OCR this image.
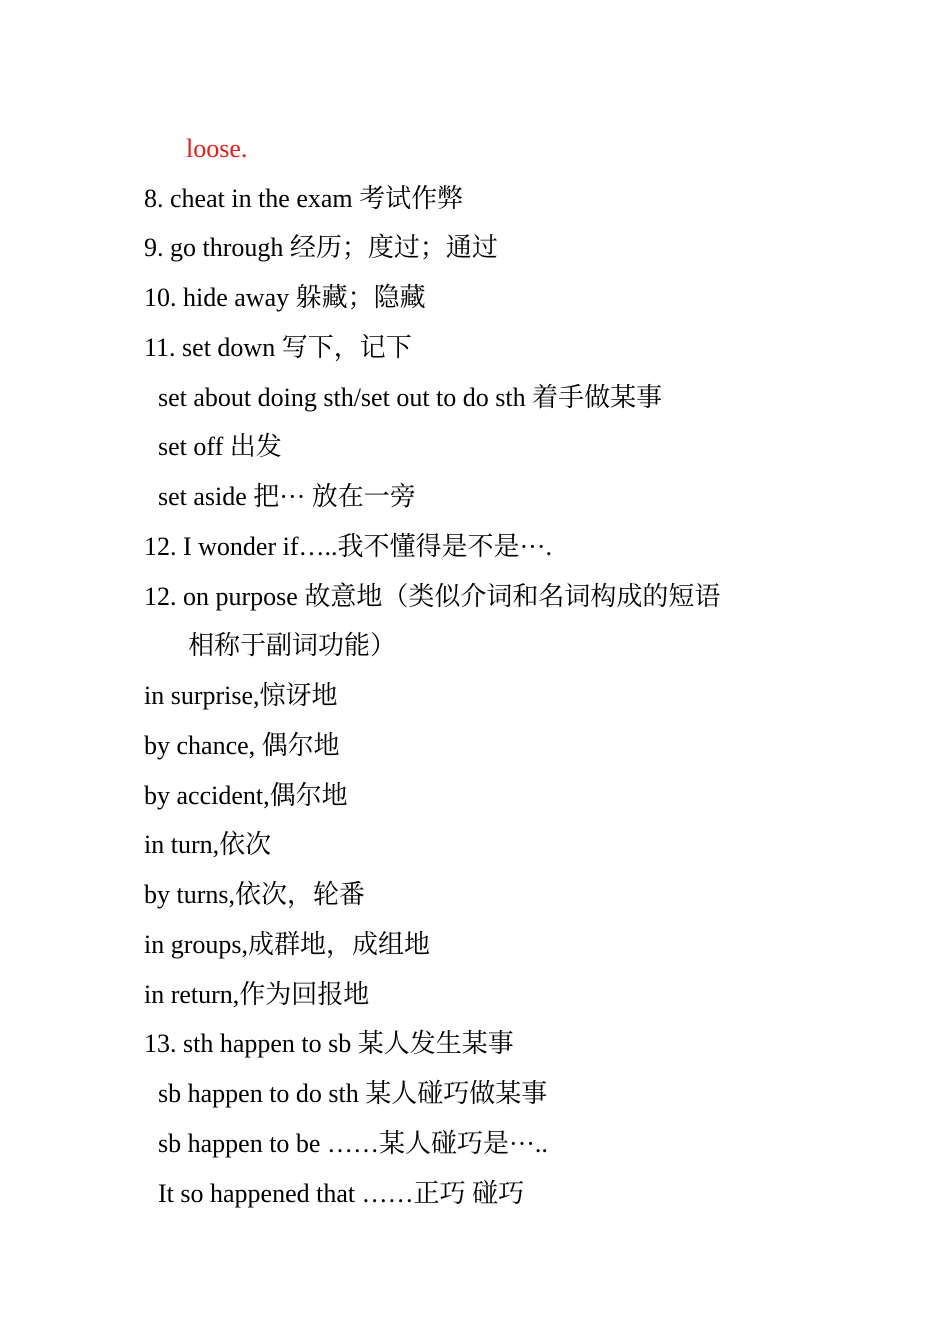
loose.
8. cheat in the exam 考试作弊
9. go through 经历；度过；通过
10. hide away 躲藏；隐藏
11. set down 写下，记下
set about doing sth/set out to do sth 着手做某事
set off 出发
set aside 把··· 放在一旁
12. I wonder if…..我不懂得是不是···.
12. on purpose 故意地（类似介词和名词构成的短语
相称于副词功能）
in surprise,惊讶地
by chance, 偶尔地
by accident,偶尔地
in turn,依次
by turns,依次，轮番
in groups,成群地，成组地
in return,作为回报地
13. sth happen to sb 某人发生某事
sb happen to do sth 某人碰巧做某事
sb happen to be ……某人碰巧是···..
It so happened that ……正巧 碰巧
